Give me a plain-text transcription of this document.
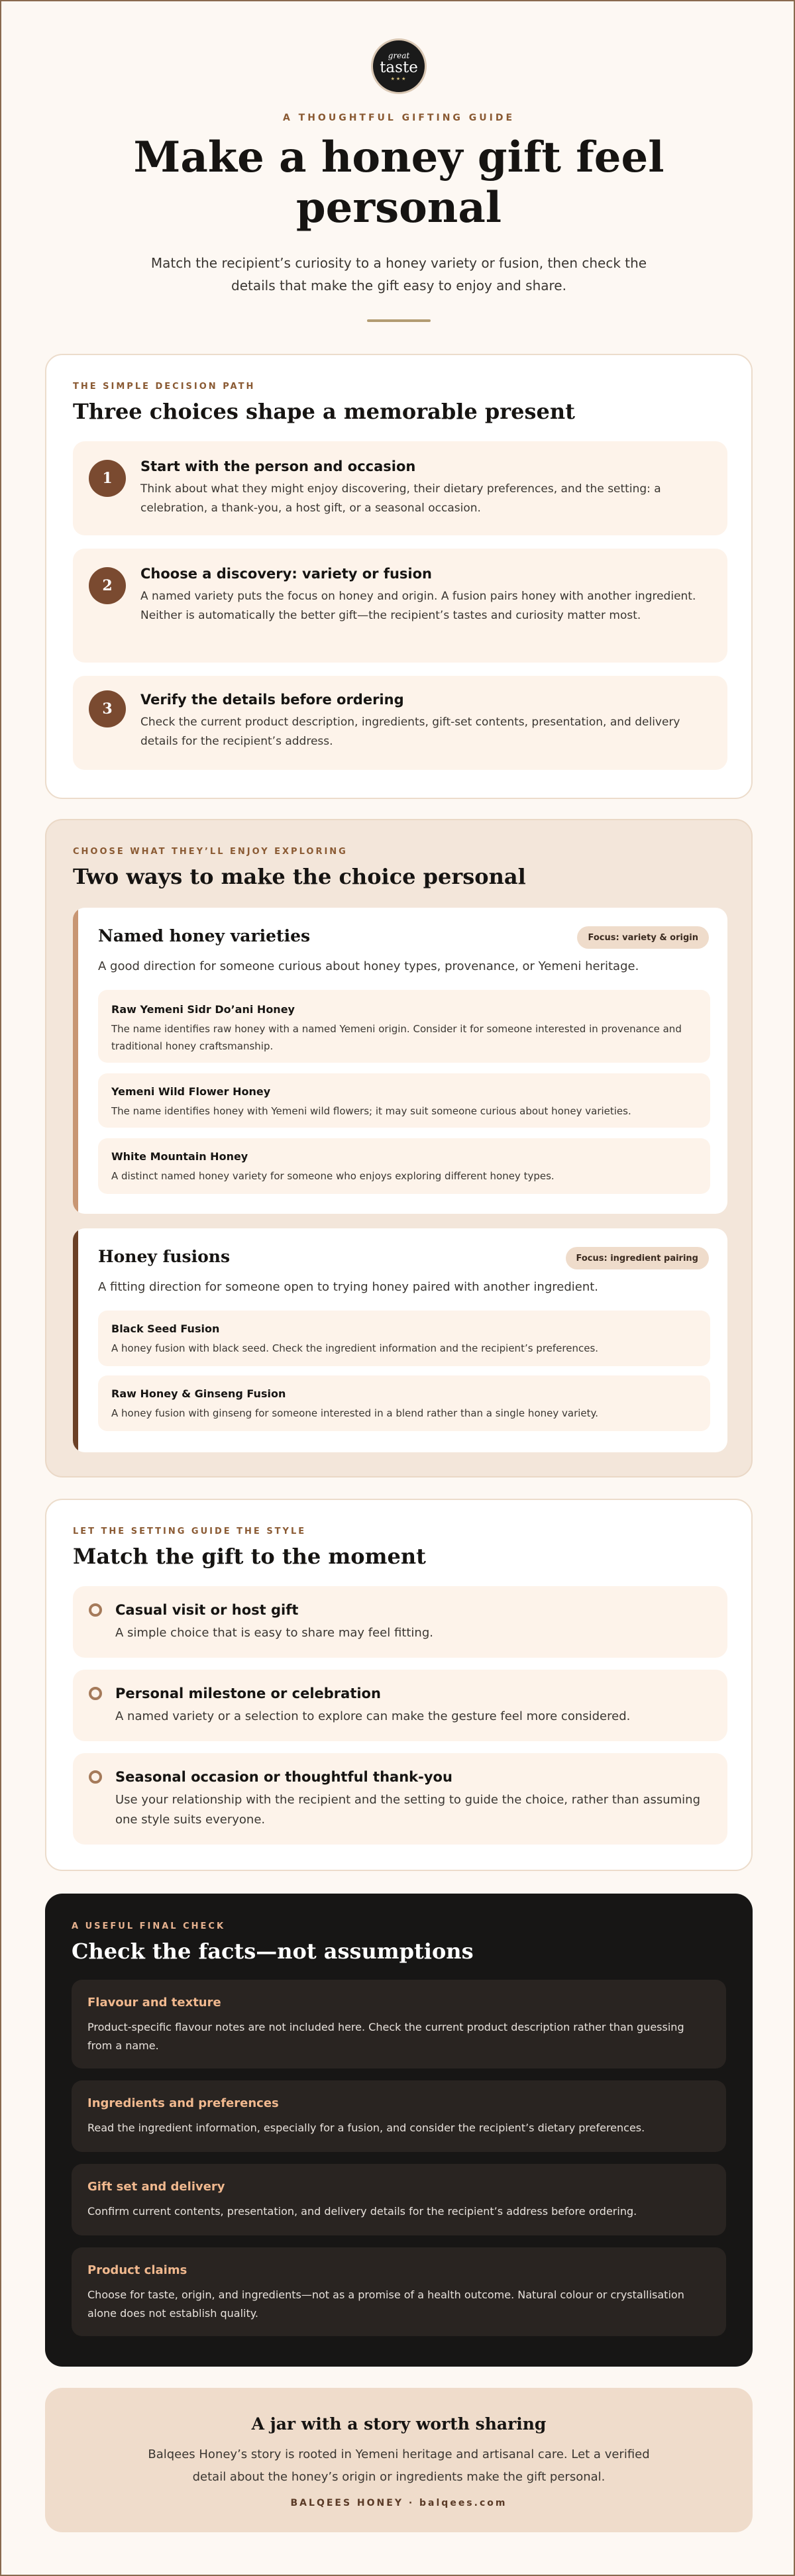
great
taste
★★★
A THOUGHTFUL GIFTING GUIDE
Make a honey gift feel personal

Match the recipient’s curiosity to a honey variety or fusion, then check the details that make the gift easy to enjoy and share.

THE SIMPLE DECISION PATH
Three choices shape a memorable present
1
Start with the person and occasion
Think about what they might enjoy discovering, their dietary preferences, and the setting: a celebration, a thank-you, a host gift, or a seasonal occasion.
2
Choose a discovery: variety or fusion
A named variety puts the focus on honey and origin. A fusion pairs honey with another ingredient. Neither is automatically the better gift—the recipient’s tastes and curiosity matter most.
3
Verify the details before ordering
Check the current product description, ingredients, gift-set contents, presentation, and delivery details for the recipient’s address.
CHOOSE WHAT THEY’LL ENJOY EXPLORING
Two ways to make the choice personal
Named honey varieties	Focus: variety & origin
A good direction for someone curious about honey types, provenance, or Yemeni heritage.
Raw Yemeni Sidr Do’ani Honey
The name identifies raw honey with a named Yemeni origin. Consider it for someone interested in provenance and traditional honey craftsmanship.
Yemeni Wild Flower Honey
The name identifies honey with Yemeni wild flowers; it may suit someone curious about honey varieties.
White Mountain Honey
A distinct named honey variety for someone who enjoys exploring different honey types.
Honey fusions	Focus: ingredient pairing
A fitting direction for someone open to trying honey paired with another ingredient.
Black Seed Fusion
A honey fusion with black seed. Check the ingredient information and the recipient’s preferences.
Raw Honey & Ginseng Fusion
A honey fusion with ginseng for someone interested in a blend rather than a single honey variety.
LET THE SETTING GUIDE THE STYLE
Match the gift to the moment
Casual visit or host gift
A simple choice that is easy to share may feel fitting.
Personal milestone or celebration
A named variety or a selection to explore can make the gesture feel more considered.
Seasonal occasion or thoughtful thank-you
Use your relationship with the recipient and the setting to guide the choice, rather than assuming one style suits everyone.
A USEFUL FINAL CHECK
Check the facts—not assumptions
Flavour and texture
Product-specific flavour notes are not included here. Check the current product description rather than guessing from a name.
Ingredients and preferences
Read the ingredient information, especially for a fusion, and consider the recipient’s dietary preferences.
Gift set and delivery
Confirm current contents, presentation, and delivery details for the recipient’s address before ordering.
Product claims
Choose for taste, origin, and ingredients—not as a promise of a health outcome. Natural colour or crystallisation alone does not establish quality.
A jar with a story worth sharing
Balqees Honey’s story is rooted in Yemeni heritage and artisanal care. Let a verified detail about the honey’s origin or ingredients make the gift personal.
BALQEES HONEY · balqees.com
